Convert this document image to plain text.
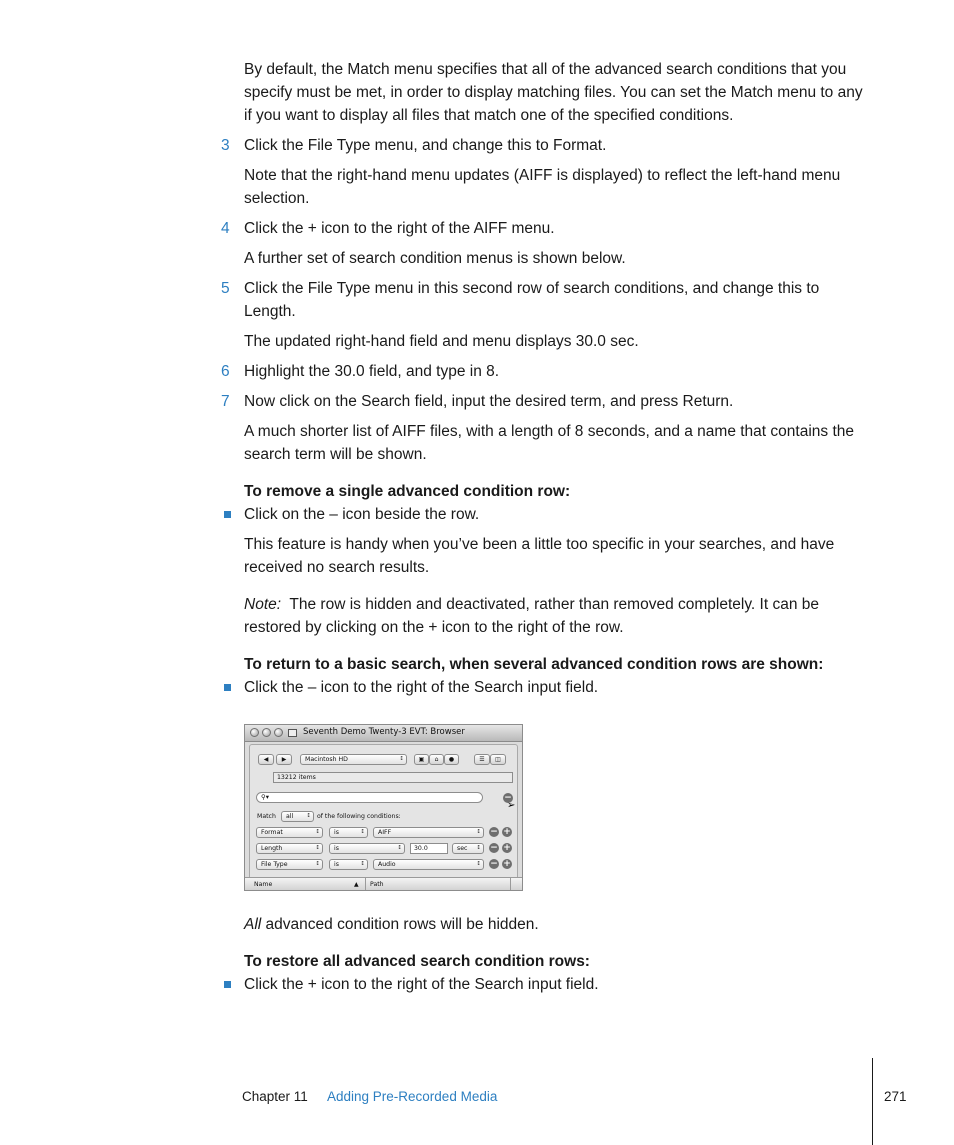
By default, the Match menu specifies that all of the advanced search conditions that you specify must be met, in order to display matching files. You can set the Match menu to any if you want to display all files that match one of the specified conditions.
3 Click the File Type menu, and change this to Format.
Note that the right-hand menu updates (AIFF is displayed) to reflect the left-hand menu selection.
4 Click the + icon to the right of the AIFF menu.
A further set of search condition menus is shown below.
5 Click the File Type menu in this second row of search conditions, and change this to Length.
The updated right-hand field and menu displays 30.0 sec.
6 Highlight the 30.0 field, and type in 8.
7 Now click on the Search field, input the desired term, and press Return.
A much shorter list of AIFF files, with a length of 8 seconds, and a name that contains the search term will be shown.
To remove a single advanced condition row:
Click on the – icon beside the row.
This feature is handy when you’ve been a little too specific in your searches, and have received no search results.
Note: The row is hidden and deactivated, rather than removed completely. It can be restored by clicking on the + icon to the right of the row.
To return to a basic search, when several advanced condition rows are shown:
Click the – icon to the right of the Search input field.
Seventh Demo Twenty-3 EVT: Browser
◀	▶	Macintosh HD	↕	▣	⌂	●	☰	◫
13212 items
⚲▾	−
➢
Match	all ↕ of the following conditions:
Format	↕	is	↕	AIFF	↕ − +
Length	↕	is	↕	30.0	sec ↕ − +
File Type	↕	is	↕	Audio	↕ − +
Name	▲ Path
All advanced condition rows will be hidden.
To restore all advanced search condition rows:
Click the + icon to the right of the Search input field.
Chapter 11 Adding Pre-Recorded Media	271
